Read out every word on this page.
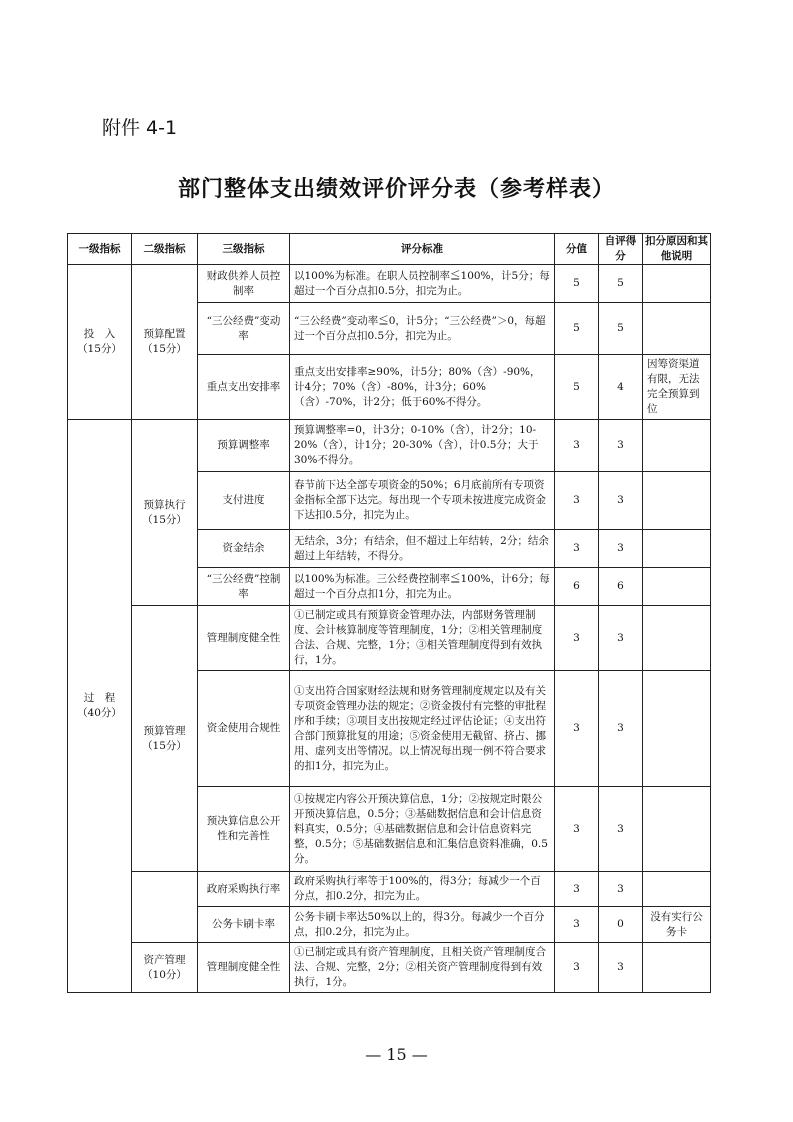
附件 4-1
部门整体支出绩效评价评分表（参考样表）
一级指标	二级指标	三级指标	评分标准	分值	自评得分	扣分原因和其他说明
投　入（15分）	预算配置（15分）	财政供养人员控制率	以100%为标准。在职人员控制率≦100%，计5分；每超过一个百分点扣0.5分，扣完为止。	5	5	
		“三公经费”变动率	“三公经费”变动率≦0，计5分；“三公经费”＞0，每超过一个百分点扣0.5分，扣完为止。	5	5	
		重点支出安排率	重点支出安排率≥90%，计5分；80%（含）-90%，计4分；70%（含）-80%，计3分；60%（含）-70%，计2分；低于60%不得分。	5	4	因筹资渠道有限，无法完全预算到位
过　程（40分）	预算执行（15分）	预算调整率	预算调整率=0，计3分；0-10%（含），计2分；10-20%（含），计1分；20-30%（含），计0.5分；大于30%不得分。	3	3	
		支付进度	春节前下达全部专项资金的50%；6月底前所有专项资金指标全部下达完。每出现一个专项未按进度完成资金下达扣0.5分，扣完为止。	3	3	
		资金结余	无结余，3分；有结余，但不超过上年结转，2分；结余超过上年结转，不得分。	3	3	
		“三公经费”控制率	以100%为标准。三公经费控制率≦100%，计6分；每超过一个百分点扣1分，扣完为止。	6	6	
	预算管理（15分）	管理制度健全性	①已制定或具有预算资金管理办法，内部财务管理制度、会计核算制度等管理制度，1分；②相关管理制度合法、合规、完整，1分；③相关管理制度得到有效执行，1分。	3	3	
		资金使用合规性	①支出符合国家财经法规和财务管理制度规定以及有关专项资金管理办法的规定；②资金拨付有完整的审批程序和手续；③项目支出按规定经过评估论证；④支出符合部门预算批复的用途；⑤资金使用无截留、挤占、挪用、虚列支出等情况。以上情况每出现一例不符合要求的扣1分，扣完为止。	3	3	
		预决算信息公开性和完善性	①按规定内容公开预决算信息，1分；②按规定时限公开预决算信息，0.5分；③基础数据信息和会计信息资料真实，0.5分；④基础数据信息和会计信息资料完整，0.5分；⑤基础数据信息和汇集信息资料准确，0.5分。	3	3	
		政府采购执行率	政府采购执行率等于100%的，得3分；每减少一个百分点，扣0.2分，扣完为止。	3	3	
		公务卡刷卡率	公务卡刷卡率达50%以上的，得3分。每减少一个百分点，扣0.2分，扣完为止。	3	0	没有实行公务卡
	资产管理（10分）	管理制度健全性	①已制定或具有资产管理制度，且相关资产管理制度合法、合规、完整，2分；②相关资产管理制度得到有效执行，1分。	3	3	
— 15 —
